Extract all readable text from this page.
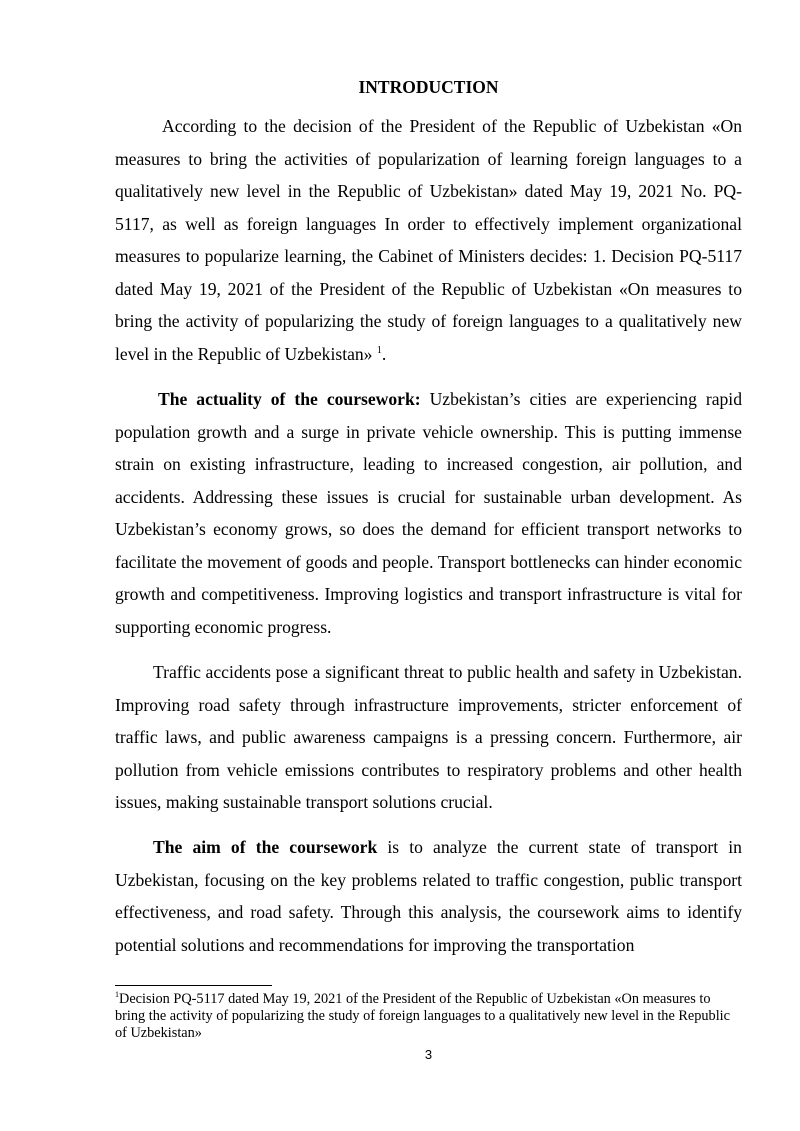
INTRODUCTION

According to the decision of the President of the Republic of Uzbekistan «On measures to bring the activities of popularization of learning foreign languages to a qualitatively new level in the Republic of Uzbekistan» dated May 19, 2021 No. PQ-5117, as well as foreign languages In order to effectively implement organizational measures to popularize learning, the Cabinet of Ministers decides: 1. Decision PQ-5117 dated May 19, 2021 of the President of the Republic of Uzbekistan «On measures to bring the activity of popularizing the study of foreign languages to a qualitatively new level in the Republic of Uzbekistan» $^1$.

The actuality of the coursework: Uzbekistan’s cities are experiencing rapid population growth and a surge in private vehicle ownership. This is putting immense strain on existing infrastructure, leading to increased congestion, air pollution, and accidents. Addressing these issues is crucial for sustainable urban development. As Uzbekistan’s economy grows, so does the demand for efficient transport networks to facilitate the movement of goods and people. Transport bottlenecks can hinder economic growth and competitiveness. Improving logistics and transport infrastructure is vital for supporting economic progress.

Traffic accidents pose a significant threat to public health and safety in Uzbekistan. Improving road safety through infrastructure improvements, stricter enforcement of traffic laws, and public awareness campaigns is a pressing concern. Furthermore, air pollution from vehicle emissions contributes to respiratory problems and other health issues, making sustainable transport solutions crucial.

The aim of the coursework is to analyze the current state of transport in Uzbekistan, focusing on the key problems related to traffic congestion, public transport effectiveness, and road safety. Through this analysis, the coursework aims to identify potential solutions and recommendations for improving the transportation

$^1$Decision PQ-5117 dated May 19, 2021 of the President of the Republic of Uzbekistan «On measures to bring the activity of popularizing the study of foreign languages to a qualitatively new level in the Republic of Uzbekistan»

3
